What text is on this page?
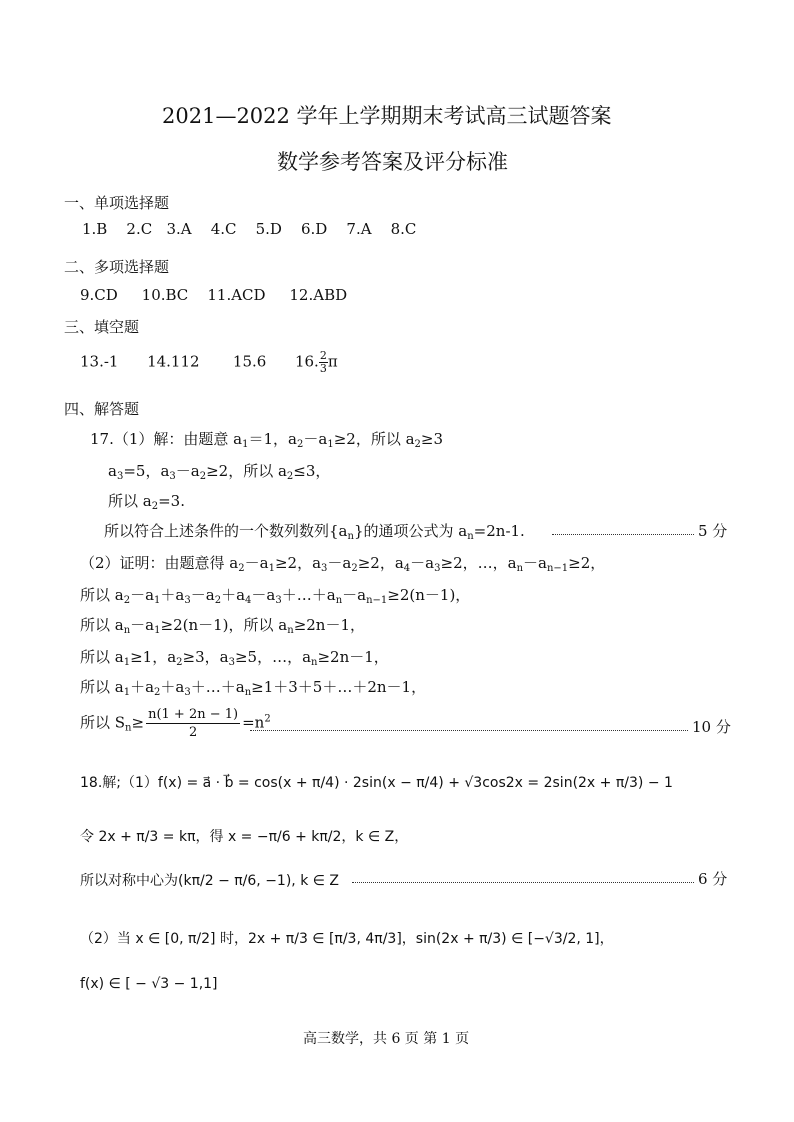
2021—2022 学年上学期期末考试高三试题答案
数学参考答案及评分标准
一、单项选择题
1.B    2.C   3.A    4.C    5.D    6.D    7.A    8.C
二、多项选择题
9.CD     10.BC    11.ACD     12.ABD
三、填空题
13.-1      14.112       15.6      16. $\frac{2}{3}$ π
四、解答题
17.（1）解：由题意 $a_1=1$，$a_2-a_1\ge 2$，所以 $a_2\ge 3$
$a_3=5$，$a_3-a_2\ge 2$，所以 $a_2\le 3$，
所以 $a_2=3$.
所以符合上述条件的一个数列数列$\{a_n\}$的通项公式为 $a_n=2n-1$.	5 分
（2）证明：由题意得 $a_2-a_1\ge 2$，$a_3-a_2\ge 2$，$a_4-a_3\ge 2$，…，$a_n-a_{n-1}\ge 2$，
所以 $a_2-a_1+a_3-a_2+a_4-a_3+\dots+a_n-a_{n-1}\ge 2(n-1)$，
所以 $a_n-a_1\ge 2(n-1)$，所以 $a_n\ge 2n-1$，
所以 $a_1\ge 1$，$a_2\ge 3$，$a_3\ge 5$，…，$a_n\ge 2n-1$，
所以 $a_1+a_2+a_3+\dots+a_n\ge 1+3+5+\dots+2n-1$，
所以 $S_n\ge \frac{n(1 + 2n - 1)}{2} =n^2$	10 分
18.解;（1）f(x) = a⃗ · b⃗ = cos(x + π/4) · 2sin(x − π/4) + √3cos2x = 2sin(2x + π/3) − 1
令 2x + π/3 = kπ，得 x = −π/6 + kπ/2，k ∈ Z，
所以对称中心为(kπ/2 − π/6, −1), k ∈ Z	6 分
（2）当 x ∈ [0, π/2] 时，2x + π/3 ∈ [π/3, 4π/3]，sin(2x + π/3) ∈ [−√3/2, 1]，
f(x) ∈ [ − √3 − 1,1]
高三数学，共 6 页 第 1 页
